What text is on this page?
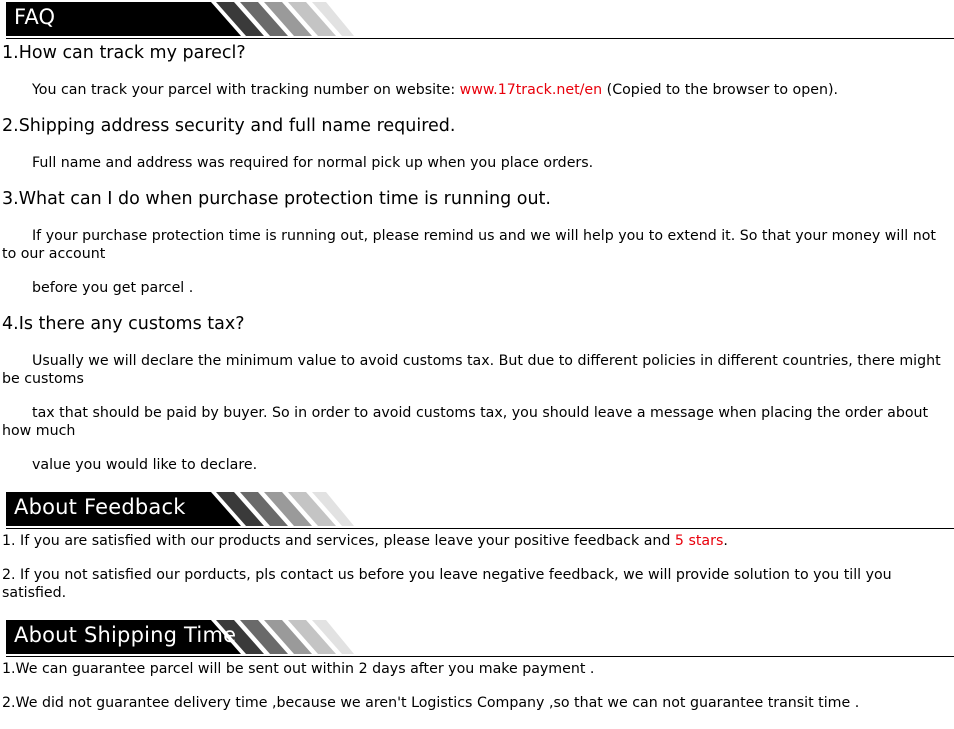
FAQ
1.How can track my parecl?
You can track your parcel with tracking number on website: www.17track.net/en (Copied to the browser to open).
2.Shipping address security and full name required.
Full name and address was required for normal pick up when you place orders.
3.What can I do when purchase protection time is running out.
If your purchase protection time is running out, please remind us and we will help you to extend it. So that your money will not to our account
before you get parcel .
4.Is there any customs tax?
Usually we will declare the minimum value to avoid customs tax. But due to different policies in different countries, there might be customs
tax that should be paid by buyer. So in order to avoid customs tax, you should leave a message when placing the order about how much
value you would like to declare.
About Feedback
1. If you are satisfied with our products and services, please leave your positive feedback and 5 stars.
2. If you not satisfied our porducts, pls contact us before you leave negative feedback, we will provide solution to you till you satisfied.
About Shipping Time
1.We can guarantee parcel will be sent out within 2 days after you make payment .
2.We did not guarantee delivery time ,because we aren't Logistics Company ,so that we can not guarantee transit time .
